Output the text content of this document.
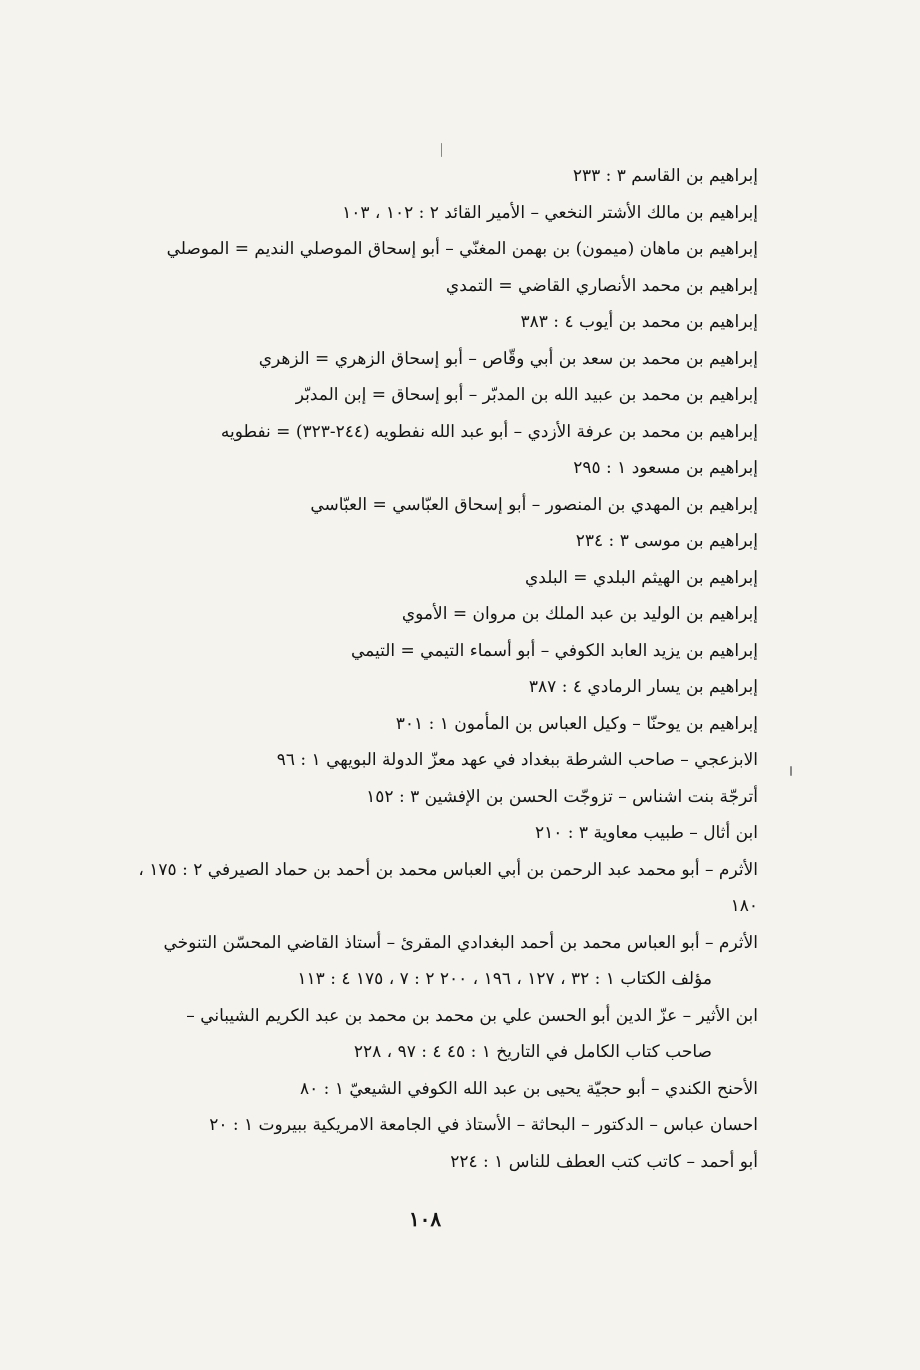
إبراهيم بن القاسم ٣ : ٢٣٣
إبراهيم بن مالك الأشتر النخعي – الأمير القائد ٢ : ١٠٢ ، ١٠٣
إبراهيم بن ماهان (ميمون) بن بهمن المغنّي – أبو إسحاق الموصلي النديم = الموصلي
إبراهيم بن محمد الأنصاري القاضي = التمدي
إبراهيم بن محمد بن أيوب ٤ : ٣٨٣
إبراهيم بن محمد بن سعد بن أبي وقّاص – أبو إسحاق الزهري = الزهري
إبراهيم بن محمد بن عبيد الله بن المدبّر – أبو إسحاق = إبن المدبّر
إبراهيم بن محمد بن عرفة الأزدي – أبو عبد الله نفطويه (٢٤٤-٣٢٣) = نفطويه
إبراهيم بن مسعود ١ : ٢٩٥
إبراهيم بن المهدي بن المنصور – أبو إسحاق العبّاسي = العبّاسي
إبراهيم بن موسى ٣ : ٢٣٤
إبراهيم بن الهيثم البلدي = البلدي
إبراهيم بن الوليد بن عبد الملك بن مروان = الأموي
إبراهيم بن يزيد العابد الكوفي – أبو أسماء التيمي = التيمي
إبراهيم بن يسار الرمادي ٤ : ٣٨٧
إبراهيم بن يوحنّا – وكيل العباس بن المأمون ١ : ٣٠١
الابزعجي – صاحب الشرطة ببغداد في عهد معزّ الدولة البويهي ١ : ٩٦
أترجّة بنت اشناس – تزوجّت الحسن بن الإفشين ٣ : ١٥٢
ابن أثال – طبيب معاوية ٣ : ٢١٠
الأثرم – أبو محمد عبد الرحمن بن أبي العباس محمد بن أحمد بن حماد الصيرفي ٢ : ١٧٥ ،
١٨٠
الأثرم – أبو العباس محمد بن أحمد البغدادي المقرئ – أستاذ القاضي المحسّن التنوخي
مؤلف الكتاب ١ : ٣٢ ، ١٢٧ ، ١٩٦ ، ٢٠٠ ٢ : ٧ ، ١٧٥ ٤ : ١١٣
ابن الأثير – عزّ الدين أبو الحسن علي بن محمد بن محمد بن عبد الكريم الشيباني –
صاحب كتاب الكامل في التاريخ ١ : ٤٥ ٤ : ٩٧ ، ٢٢٨
الأحنح الكندي – أبو حجيّة يحيى بن عبد الله الكوفي الشيعيّ ١ : ٨٠
احسان عباس – الدكتور – البحاثة – الأستاذ في الجامعة الامريكية ببيروت ١ : ٢٠
أبو أحمد – كاتب كتب العطف للناس ١ : ٢٢٤
١٠٨
